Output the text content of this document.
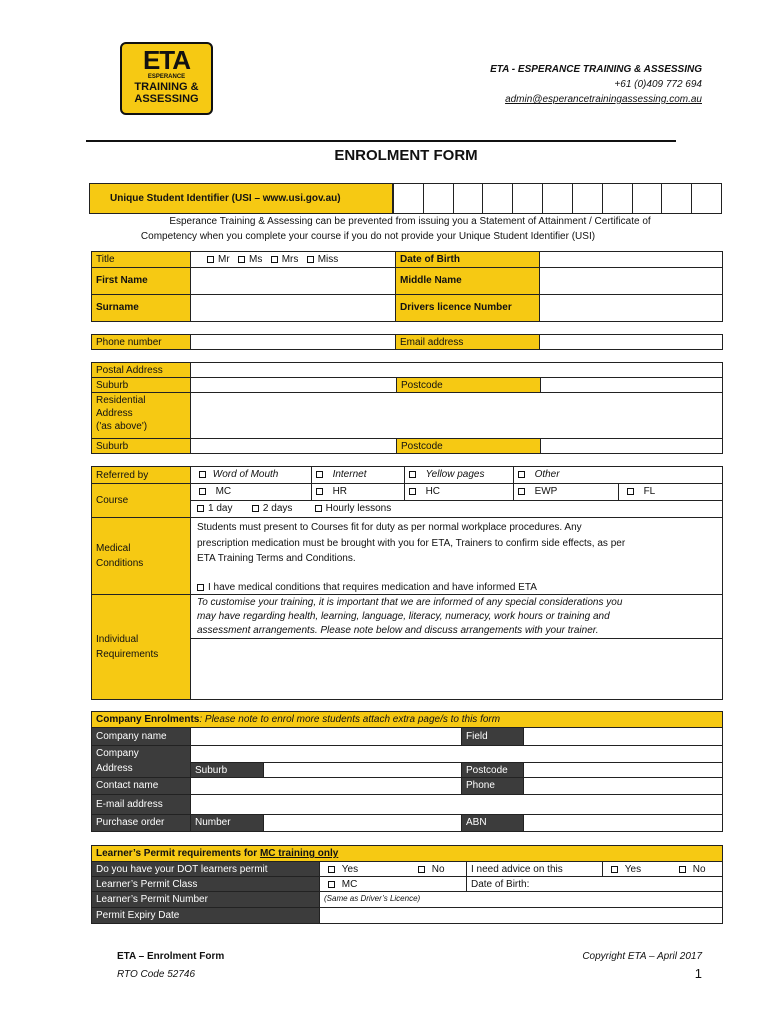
ETA
ESPERANCE
TRAINING &
ASSESSING
ETA - ESPERANCE TRAINING & ASSESSING
+61 (0)409 772 694
admin@esperancetrainingassessing.com.au
ENROLMENT FORM
Unique Student Identifier (USI – www.usi.gov.au)
Esperance Training & Assessing can be prevented from issuing you a Statement of Attainment / Certificate of
Competency when you complete your course if you do not provide your Unique Student Identifier (USI)
Title	Mr Ms Mrs Miss	Date of Birth
First Name	Middle Name
Surname	Drivers licence Number
Phone number	Email address
Postal Address
Suburb	Postcode
Residential
Address
('as above')
Suburb	Postcode
Referred by	Word of Mouth	Internet	Yellow pages	Other
Course
MC	HR	HC	EWP	FL
1 day	2 days	Hourly lessons
Medical
Conditions
Students must present to Courses fit for duty as per normal workplace procedures. Any
prescription medication must be brought with you for ETA, Trainers to confirm side effects, as per
ETA Training Terms and Conditions.
I have medical conditions that requires medication and have informed ETA
Individual
Requirements
To customise your training, it is important that we are informed of any special considerations you
may have regarding health, learning, language, literacy, numeracy, work hours or training and
assessment arrangements. Please note below and discuss arrangements with your trainer.
Company Enrolments: Please note to enrol more students attach extra page/s to this form
Company name	Field
Company
Address	Suburb	Postcode
Contact name	Phone
E-mail address
Purchase order	Number	ABN
Learner’s Permit requirements for MC training only
Do you have your DOT learners permit	Yes	No	I need advice on this	Yes	No
Learner’s Permit Class	MC	Date of Birth:
Learner’s Permit Number	(Same as Driver’s Licence)
Permit Expiry Date
ETA – Enrolment Form
RTO Code 52746
Copyright ETA – April 2017
1
